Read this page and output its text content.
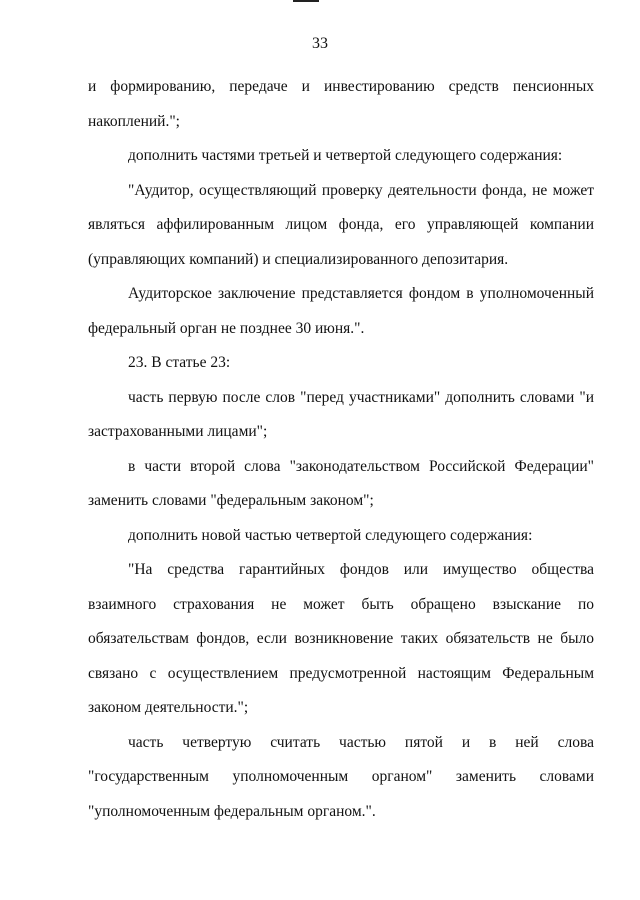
33

и формированию, передаче и инвестированию средств пенсионных накоплений.";

дополнить частями третьей и четвертой следующего содержания:

"Аудитор, осуществляющий проверку деятельности фонда, не может являться аффилированным лицом фонда, его управляющей компании (управляющих компаний) и специализированного депозитария.

Аудиторское заключение представляется фондом в уполномоченный федеральный орган не позднее 30 июня.".

23. В статье 23:

часть первую после слов "перед участниками" дополнить словами "и застрахованными лицами";

в части второй слова "законодательством Российской Федерации" заменить словами "федеральным законом";

дополнить новой частью четвертой следующего содержания:

"На средства гарантийных фондов или имущество общества взаимного страхования не может быть обращено взыскание по обязательствам фондов, если возникновение таких обязательств не было связано с осуществлением предусмотренной настоящим Федеральным законом деятельности.";

часть четвертую считать частью пятой и в ней слова "государственным уполномоченным органом" заменить словами "уполномоченным федеральным органом.".
